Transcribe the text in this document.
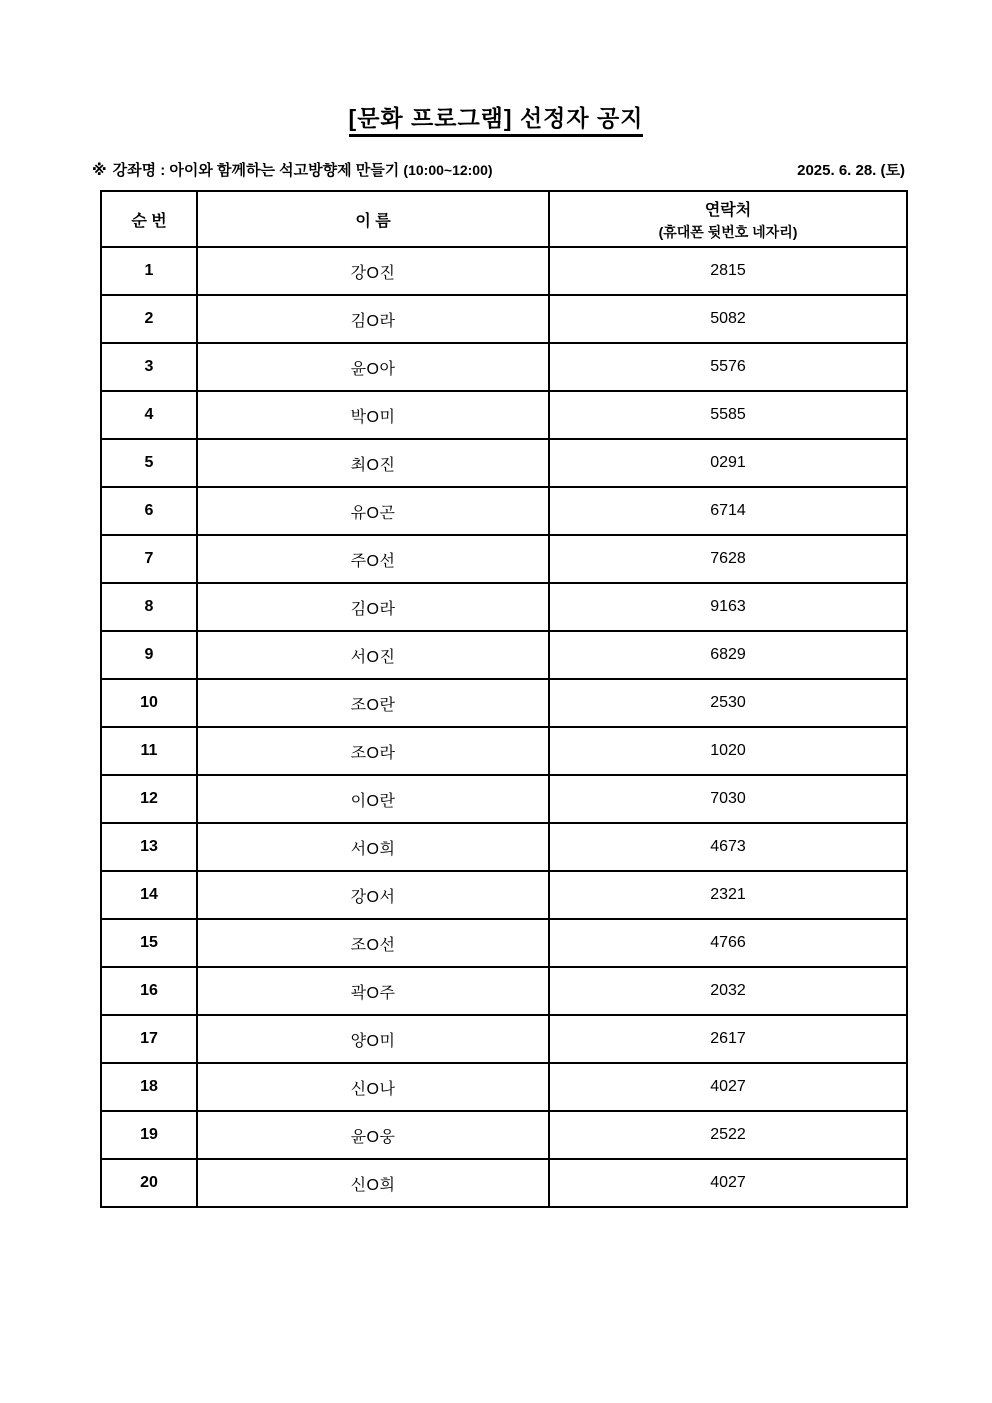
[문화 프로그램] 선정자 공지
※ 강좌명 : 아이와 함께하는 석고방향제 만들기 (10:00~12:00)	2025. 6. 28. (토)
순 번	이 름	연락처
(휴대폰 뒷번호 네자리)

1	강O진	2815
2	김O라	5082
3	윤O아	5576
4	박O미	5585
5	최O진	0291
6	유O곤	6714
7	주O선	7628
8	김O라	9163
9	서O진	6829
10	조O란	2530
11	조O라	1020
12	이O란	7030
13	서O희	4673
14	강O서	2321
15	조O선	4766
16	곽O주	2032
17	양O미	2617
18	신O나	4027
19	윤O웅	2522
20	신O희	4027
